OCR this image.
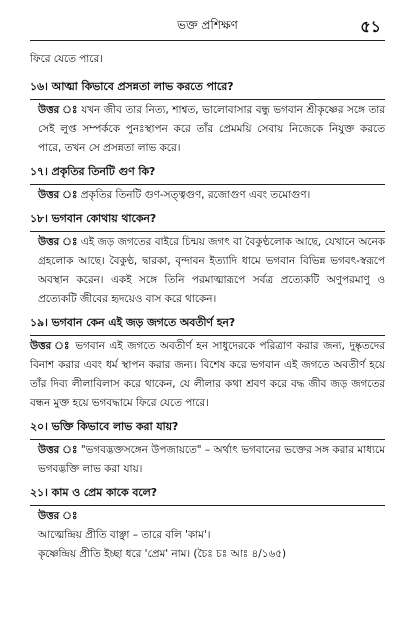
ভক্ত প্রশিক্ষণ	৫১

ফিরে যেতে পারে।

১৬। আত্মা কিভাবে প্রসন্নতা লাভ করতে পারে?

উত্তর ঃ যখন জীব তার নিত্য, শাশ্বত, ভালোবাসার বন্ধু ভগবান শ্রীকৃষ্ণের সঙ্গে তার সেই লুপ্ত সম্পর্ককে পুনঃস্থাপন করে তাঁর প্রেমময়ি সেবায় নিজেকে নিযুক্ত করতে পারে, তখন সে প্রসন্নতা লাভ করে।

১৭। প্রকৃতির তিনটি গুণ কি?

উত্তর ঃ প্রকৃতির তিনটি গুণ-সত্ত্বগুণ, রজোগুণ এবং তমোগুণ।

১৮। ভগবান কোথায় থাকেন?

উত্তর ঃ এই জড় জগতের বাইরে চিন্ময় জগৎ বা বৈকুণ্ঠলোক আছে, যেখানে অনেক গ্রহলোক আছে। বৈকুণ্ঠ, দ্বারকা, বৃন্দাবন ইত্যাদি ধামে ভগবান বিভিন্ন ভগবৎ-স্বরূপে অবস্থান করেন। একই সঙ্গে তিনি পরমাত্মারূপে সর্বত্র প্রত্যেকটি অণুপরমাণু ও প্রত্যেকটি জীবের হৃদয়েও বাস করে থাকেন।

১৯। ভগবান কেন এই জড় জগতে অবতীর্ণ হন?

উত্তর ঃ ভগবান এই জগতে অবতীর্ণ হন সাধুদেরকে পরিত্রাণ করার জন্য, দুষ্কৃতদের বিনাশ করার এবং ধর্ম স্থাপন করার জন্য। বিশেষ করে ভগবান এই জগতে অবতীর্ণ হয়ে তাঁর দিব্য লীলাবিলাস করে থাকেন, যে লীলার কথা শ্রবণ করে বদ্ধ জীব জড় জগতের বন্ধন মুক্ত হয়ে ভগবদ্ধামে ফিরে যেতে পারে।

২০। ভক্তি কিভাবে লাভ করা যায়?

উত্তর ঃ "ভগবদ্ভক্তসঙ্গেন উপজায়তে" – অর্থাৎ ভগবানের ভক্তের সঙ্গ করার মাধ্যমে ভগবদ্ভক্তি লাভ করা যায়।

২১। কাম ও প্রেম কাকে বলে?

উত্তর ঃ

আত্মেন্দ্রিয় প্রীতি বাঞ্ছা – তারে বলি 'কাম'।

কৃষ্ণেন্দ্রিয় প্রীতি ইচ্ছা ধরে 'প্রেম' নাম। (চৈঃ চঃ আঃ ৪/১৬৫)
